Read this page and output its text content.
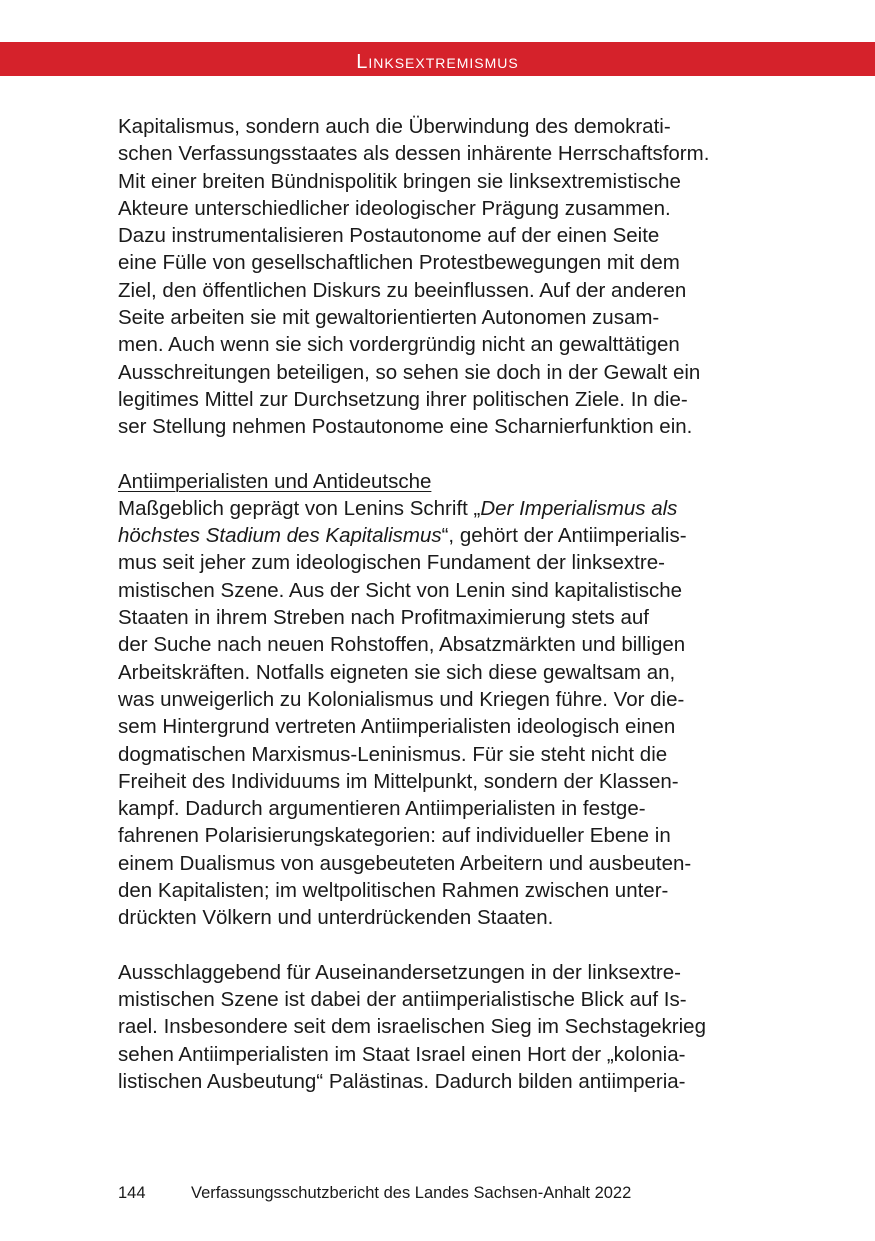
Linksextremismus

Kapitalismus, sondern auch die Überwindung des demokrati-
schen Verfassungsstaates als dessen inhärente Herrschaftsform.
Mit einer breiten Bündnispolitik bringen sie linksextremistische
Akteure unterschiedlicher ideologischer Prägung zusammen.
Dazu instrumentalisieren Postautonome auf der einen Seite
eine Fülle von gesellschaftlichen Protestbewegungen mit dem
Ziel, den öffentlichen Diskurs zu beeinflussen. Auf der anderen
Seite arbeiten sie mit gewaltorientierten Autonomen zusam-
men. Auch wenn sie sich vordergründig nicht an gewalttätigen
Ausschreitungen beteiligen, so sehen sie doch in der Gewalt ein
legitimes Mittel zur Durchsetzung ihrer politischen Ziele. In die-
ser Stellung nehmen Postautonome eine Scharnierfunktion ein.

Antiimperialisten und Antideutsche
Maßgeblich geprägt von Lenins Schrift „Der Imperialismus als
höchstes Stadium des Kapitalismus“, gehört der Antiimperialis-
mus seit jeher zum ideologischen Fundament der linksextre-
mistischen Szene. Aus der Sicht von Lenin sind kapitalistische
Staaten in ihrem Streben nach Profitmaximierung stets auf
der Suche nach neuen Rohstoffen, Absatzmärkten und billigen
Arbeitskräften. Notfalls eigneten sie sich diese gewaltsam an,
was unweigerlich zu Kolonialismus und Kriegen führe. Vor die-
sem Hintergrund vertreten Antiimperialisten ideologisch einen
dogmatischen Marxismus-Leninismus. Für sie steht nicht die
Freiheit des Individuums im Mittelpunkt, sondern der Klassen-
kampf. Dadurch argumentieren Antiimperialisten in festge-
fahrenen Polarisierungskategorien: auf individueller Ebene in
einem Dualismus von ausgebeuteten Arbeitern und ausbeuten-
den Kapitalisten; im weltpolitischen Rahmen zwischen unter-
drückten Völkern und unterdrückenden Staaten.

Ausschlaggebend für Auseinandersetzungen in der linksextre-
mistischen Szene ist dabei der antiimperialistische Blick auf Is-
rael. Insbesondere seit dem israelischen Sieg im Sechstagekrieg
sehen Antiimperialisten im Staat Israel einen Hort der „kolonia-
listischen Ausbeutung“ Palästinas. Dadurch bilden antiimperia-

144	Verfassungsschutzbericht des Landes Sachsen-Anhalt 2022
